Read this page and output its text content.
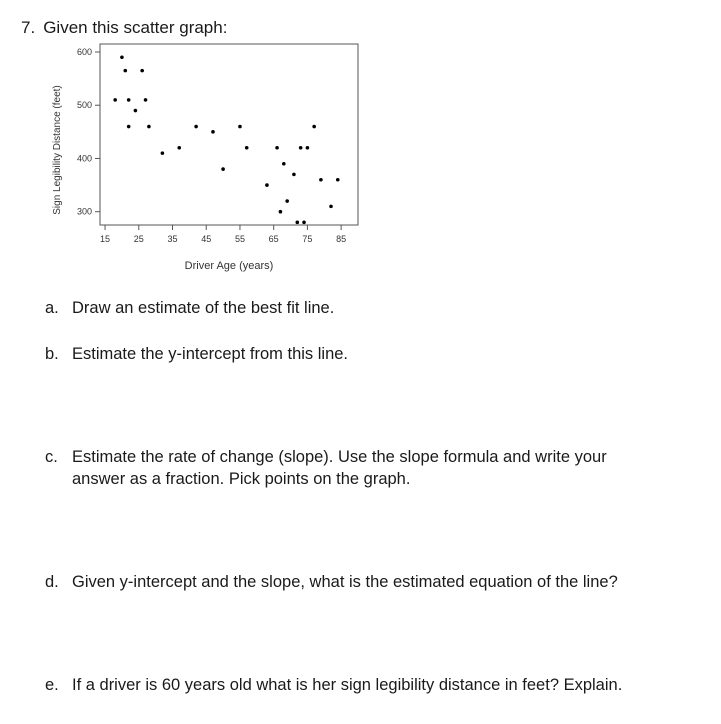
7. Given this scatter graph:
300
400
500
600
15	25	35	45	55	65	75	85
Driver Age (years)
Sign Legibility Distance (feet)
a. Draw an estimate of the best fit line.
b. Estimate the y-intercept from this line.
c. Estimate the rate of change (slope). Use the slope formula and write your
answer as a fraction. Pick points on the graph.
d. Given y-intercept and the slope, what is the estimated equation of the line?
e. If a driver is 60 years old what is her sign legibility distance in feet? Explain.
